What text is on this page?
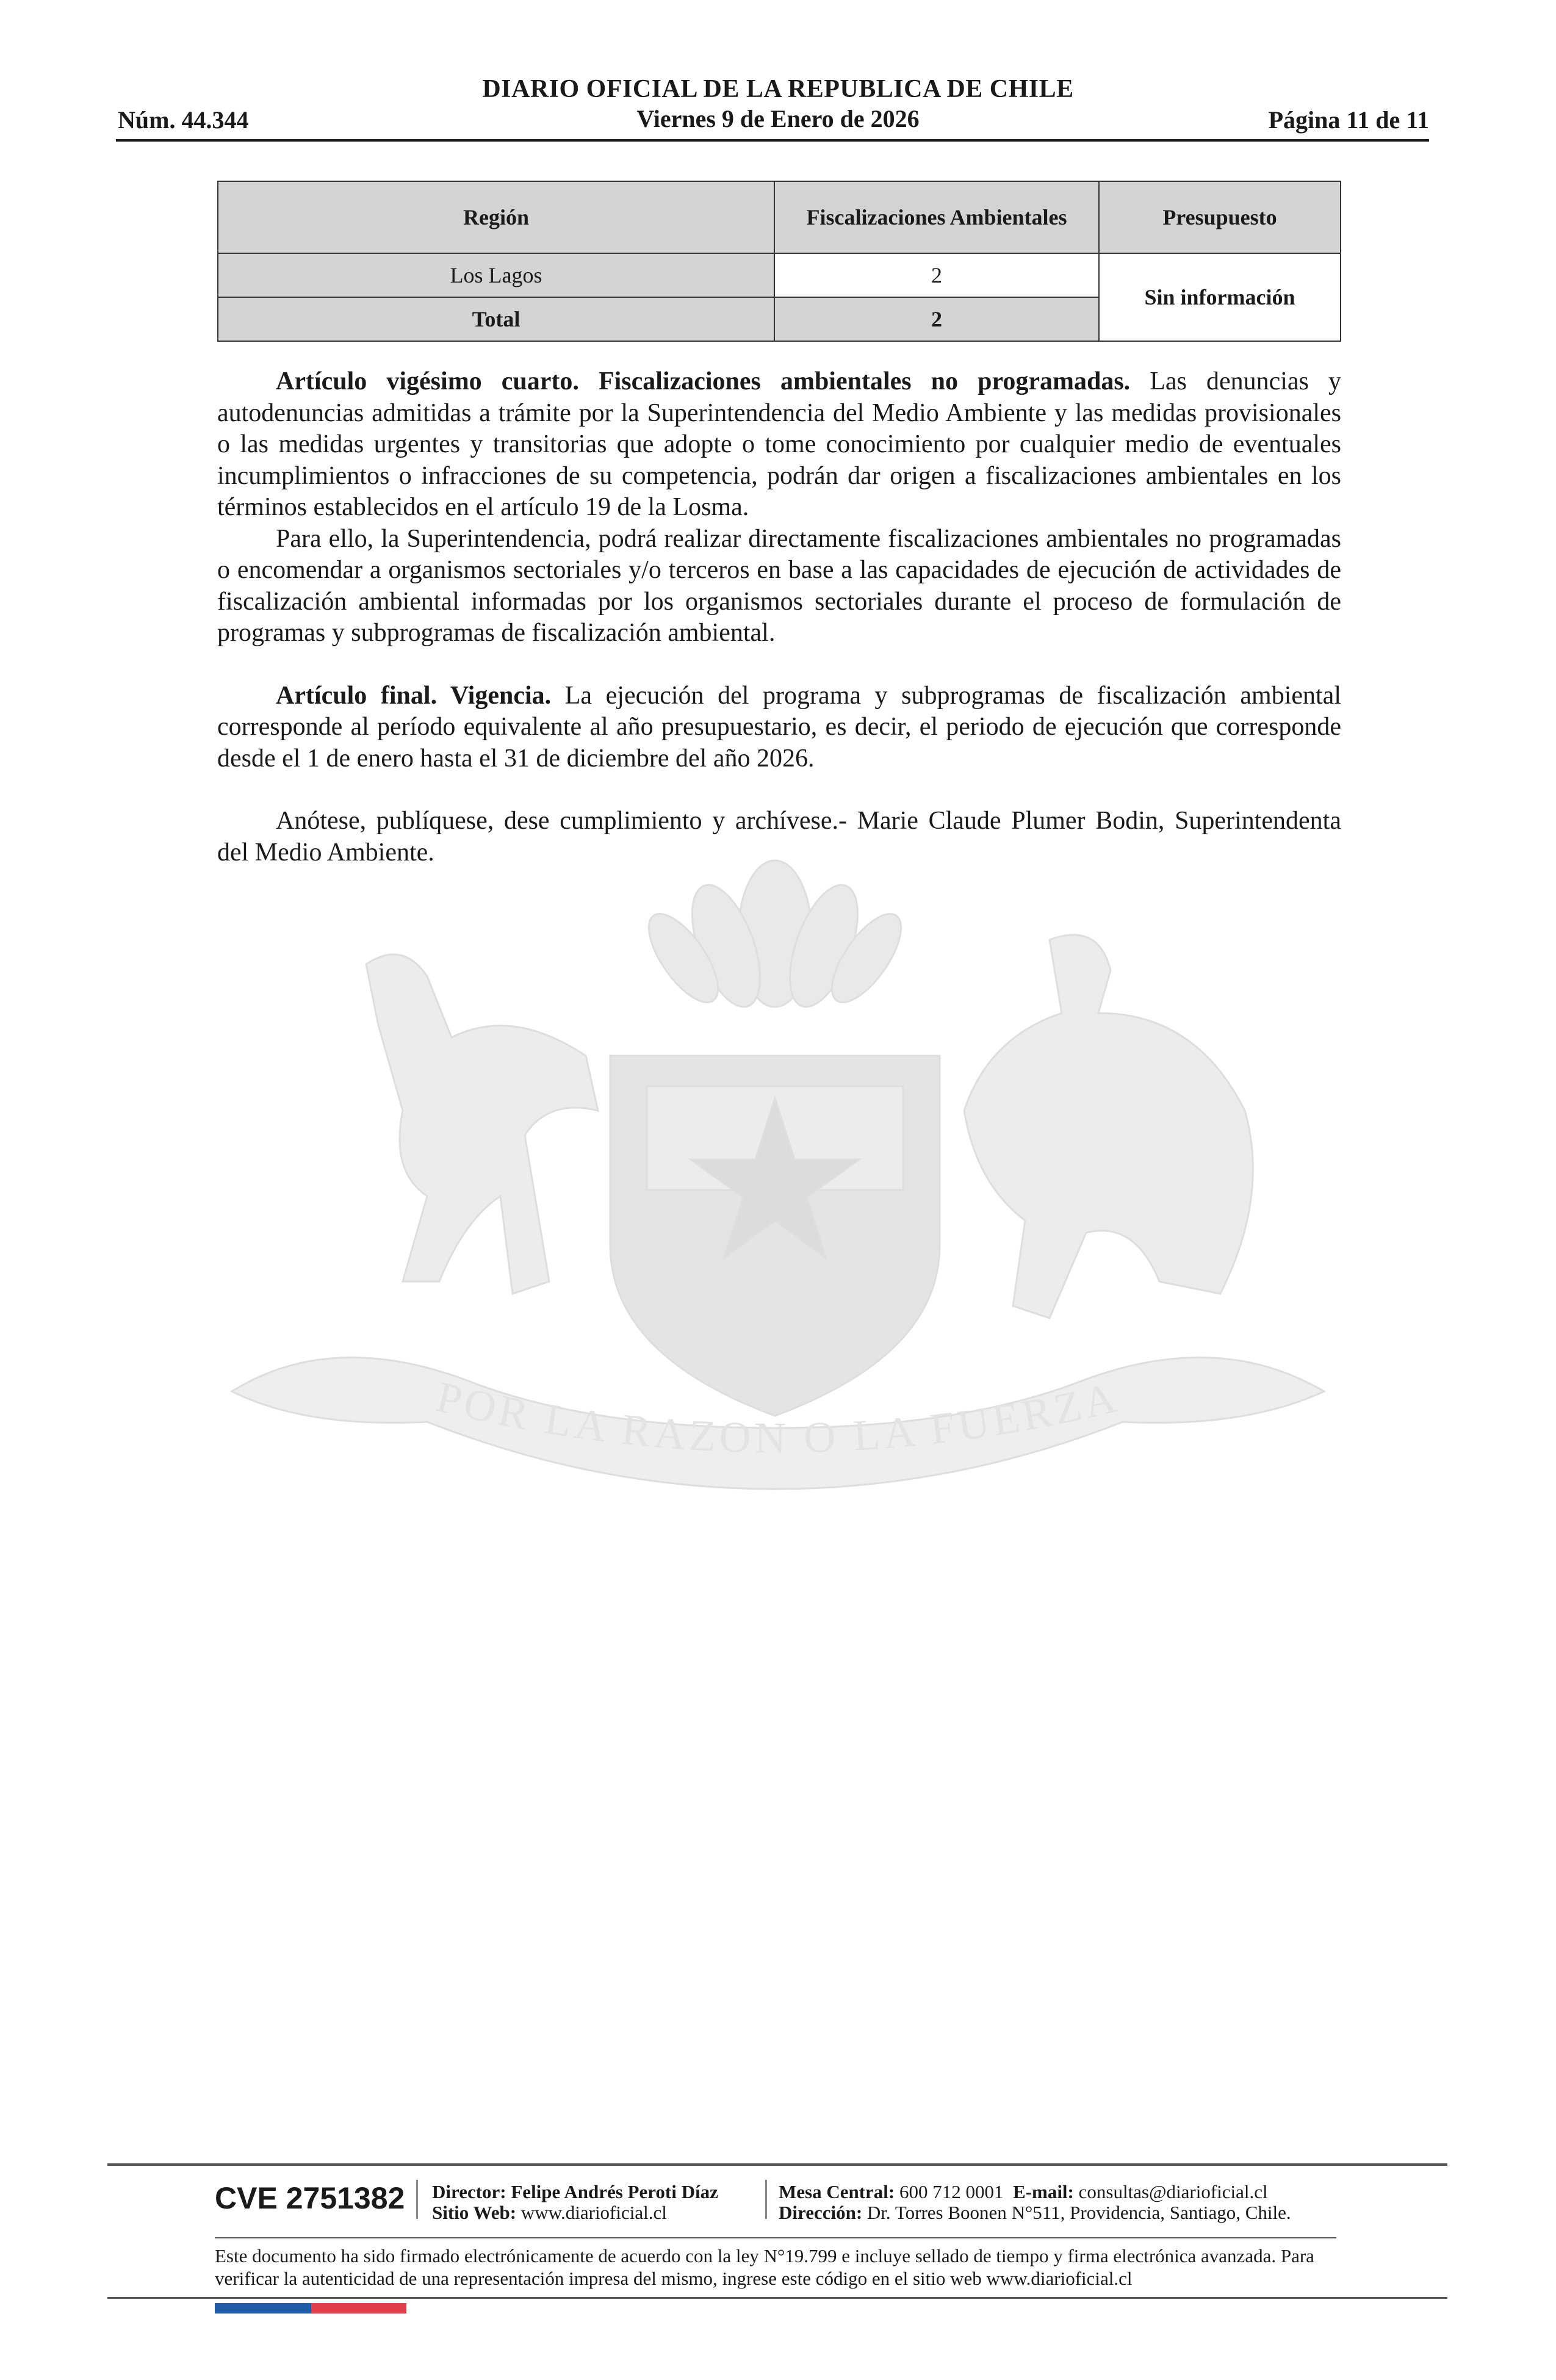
DIARIO OFICIAL DE LA REPUBLICA DE CHILE
Viernes 9 de Enero de 2026
Núm. 44.344	Página 11 de 11
POR LA RAZON O LA FUERZA
Región	Fiscalizaciones Ambientales	Presupuesto
Los Lagos	2	Sin información
Total	2	

Artículo vigésimo cuarto. Fiscalizaciones ambientales no programadas. Las denuncias y autodenuncias admitidas a trámite por la Superintendencia del Medio Ambiente y las medidas provisionales o las medidas urgentes y transitorias que adopte o tome conocimiento por cualquier medio de eventuales incumplimientos o infracciones de su competencia, podrán dar origen a fiscalizaciones ambientales en los términos establecidos en el artículo 19 de la Losma.

Para ello, la Superintendencia, podrá realizar directamente fiscalizaciones ambientales no programadas o encomendar a organismos sectoriales y/o terceros en base a las capacidades de ejecución de actividades de fiscalización ambiental informadas por los organismos sectoriales durante el proceso de formulación de programas y subprogramas de fiscalización ambiental.

Artículo final. Vigencia. La ejecución del programa y subprogramas de fiscalización ambiental corresponde al período equivalente al año presupuestario, es decir, el periodo de ejecución que corresponde desde el 1 de enero hasta el 31 de diciembre del año 2026.

Anótese, publíquese, dese cumplimiento y archívese.- Marie Claude Plumer Bodin, Superintendenta del Medio Ambiente.

CVE 2751382 Director: Felipe Andrés Peroti Díaz
Sitio Web: www.diarioficial.cl
Mesa Central: 600 712 0001 E-mail: consultas@diarioficial.cl
Dirección: Dr. Torres Boonen N°511, Providencia, Santiago, Chile.
Este documento ha sido firmado electrónicamente de acuerdo con la ley N°19.799 e incluye sellado de tiempo y firma electrónica avanzada. Para verificar la autenticidad de una representación impresa del mismo, ingrese este código en el sitio web www.diarioficial.cl
